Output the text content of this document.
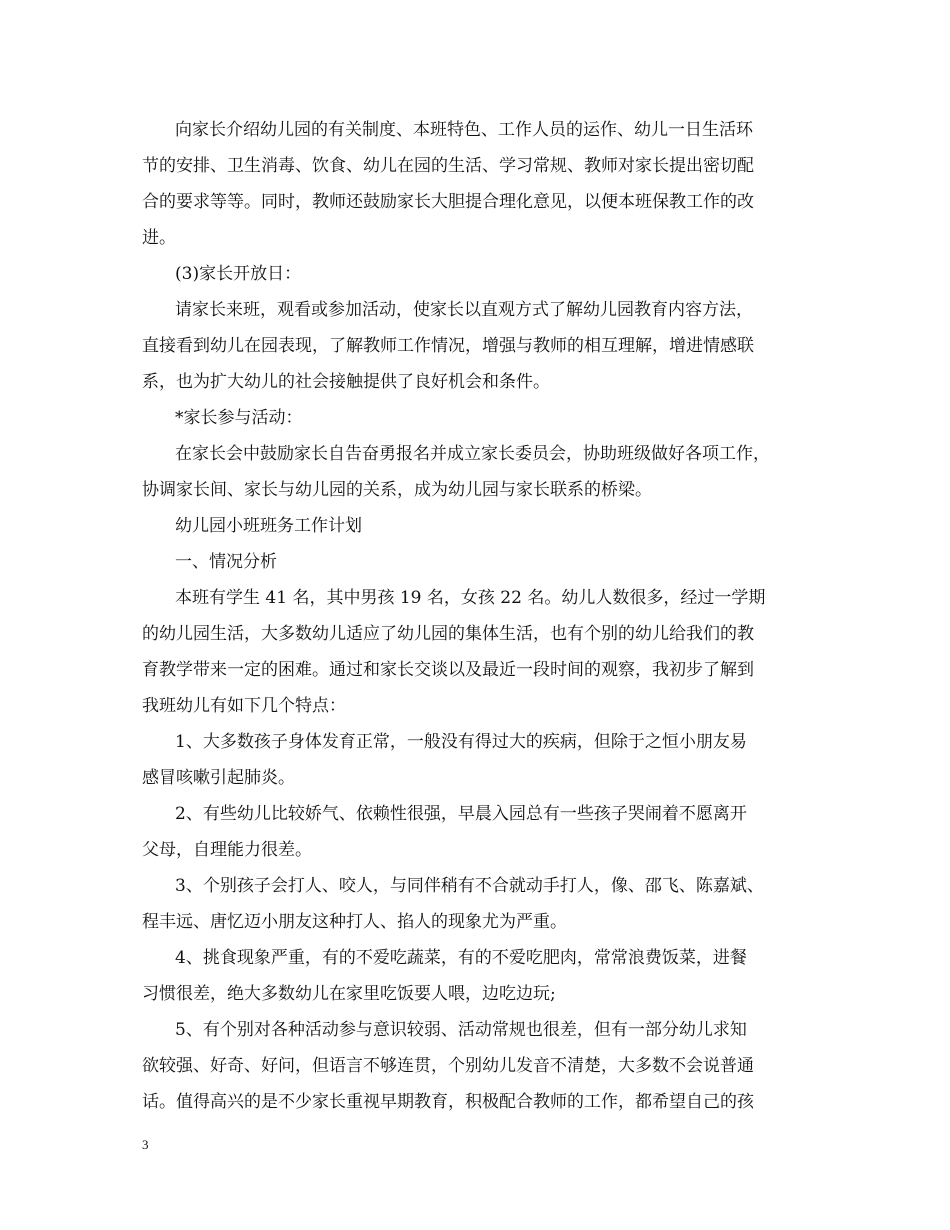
向家长介绍幼儿园的有关制度、本班特色、工作人员的运作、幼儿一日生活环
节的安排、卫生消毒、饮食、幼儿在园的生活、学习常规、教师对家长提出密切配
合的要求等等。同时，教师还鼓励家长大胆提合理化意见，以便本班保教工作的改
进。
(3)家长开放日：
请家长来班，观看或参加活动，使家长以直观方式了解幼儿园教育内容方法，
直接看到幼儿在园表现，了解教师工作情况，增强与教师的相互理解，增进情感联
系，也为扩大幼儿的社会接触提供了良好机会和条件。
*家长参与活动：
在家长会中鼓励家长自告奋勇报名并成立家长委员会，协助班级做好各项工作，
协调家长间、家长与幼儿园的关系，成为幼儿园与家长联系的桥梁。
幼儿园小班班务工作计划
一、情况分析
本班有学生 41 名，其中男孩 19 名，女孩 22 名。幼儿人数很多，经过一学期
的幼儿园生活，大多数幼儿适应了幼儿园的集体生活，也有个别的幼儿给我们的教
育教学带来一定的困难。通过和家长交谈以及最近一段时间的观察，我初步了解到
我班幼儿有如下几个特点：
1、大多数孩子身体发育正常，一般没有得过大的疾病，但除于之恒小朋友易
感冒咳嗽引起肺炎。
2、有些幼儿比较娇气、依赖性很强，早晨入园总有一些孩子哭闹着不愿离开
父母，自理能力很差。
3、个别孩子会打人、咬人，与同伴稍有不合就动手打人，像、邵飞、陈嘉斌、
程丰远、唐忆迈小朋友这种打人、掐人的现象尤为严重。
4、挑食现象严重，有的不爱吃蔬菜，有的不爱吃肥肉，常常浪费饭菜，进餐
习惯很差，绝大多数幼儿在家里吃饭要人喂，边吃边玩;
5、有个别对各种活动参与意识较弱、活动常规也很差，但有一部分幼儿求知
欲较强、好奇、好问，但语言不够连贯，个别幼儿发音不清楚，大多数不会说普通
话。值得高兴的是不少家长重视早期教育，积极配合教师的工作，都希望自己的孩
3
